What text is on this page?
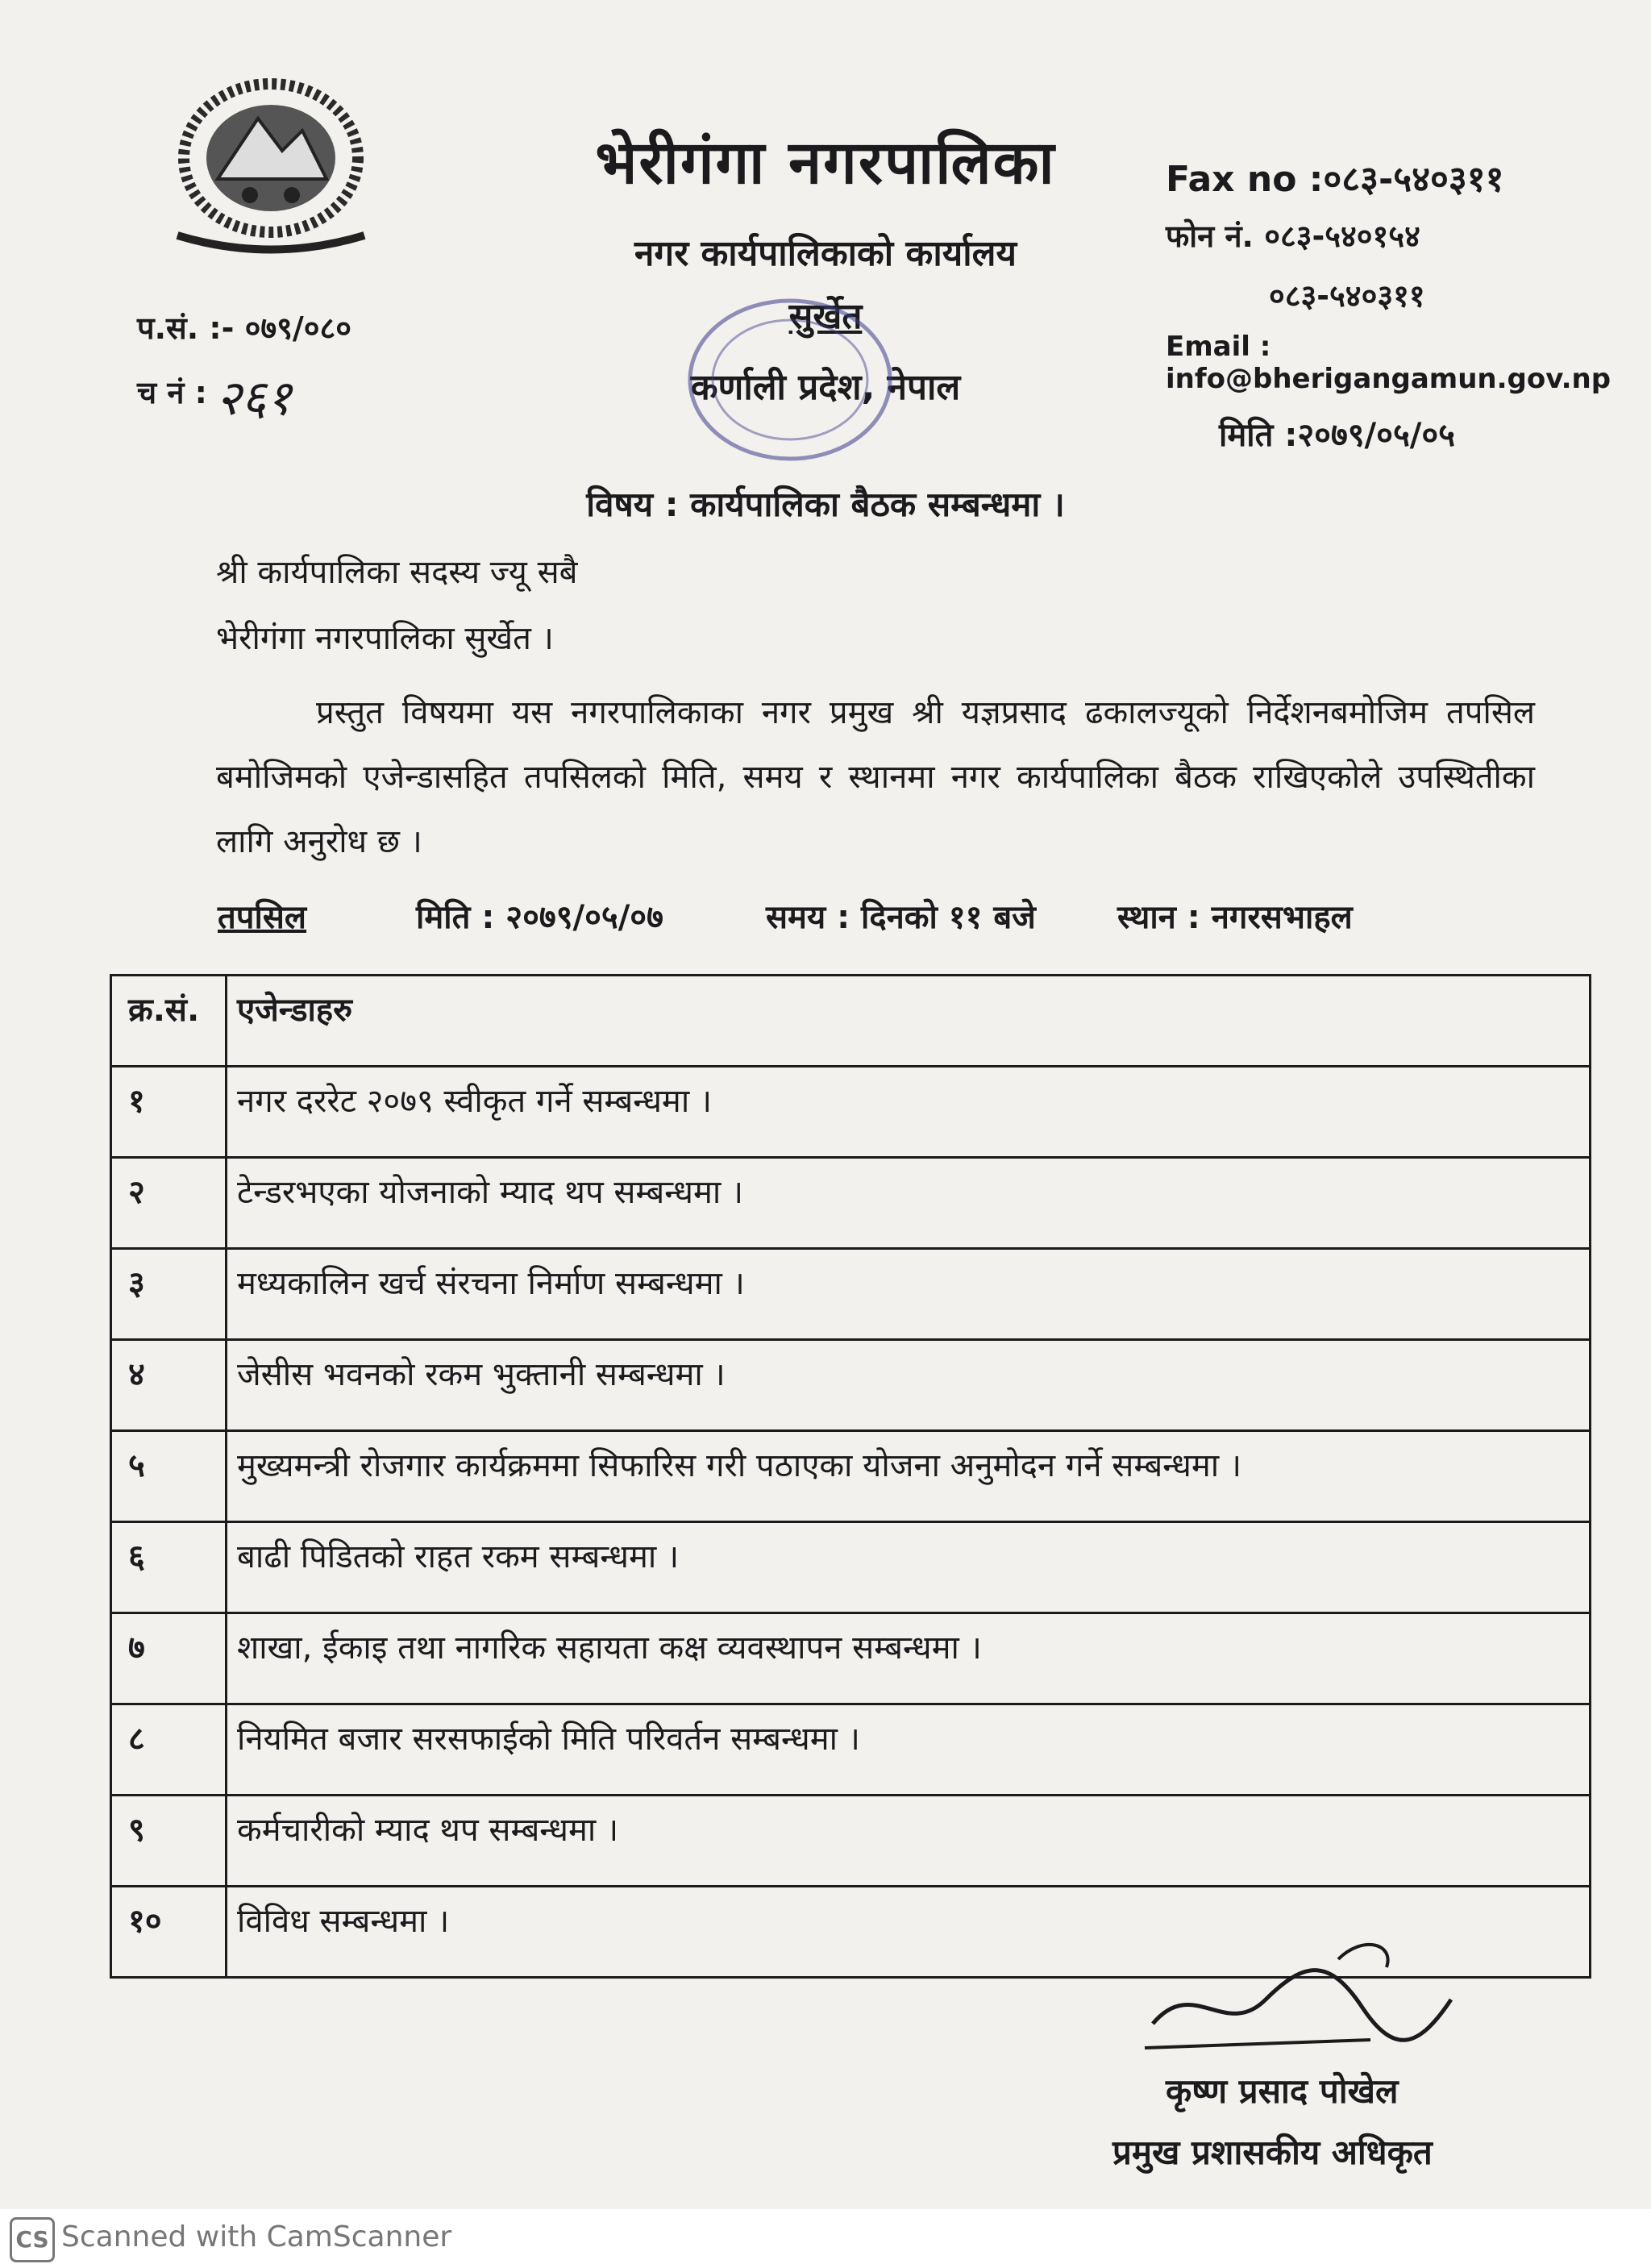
भेरीगंगा नगरपालिका
नगर कार्यपालिकाको कार्यालय
सुर्खेत
कर्णाली प्रदेश, नेपाल
Fax no :०८३-५४०३११
फोन नं. ०८३-५४०१५४
०८३-५४०३११
Email : info@bherigangamun.gov.np
मिति :२०७९/०५/०५
प.सं. :- ०७९/०८०
च नं : २६१
विषय : कार्यपालिका बैठक सम्बन्धमा ।
श्री कार्यपालिका सदस्य ज्यू सबै
भेरीगंगा नगरपालिका सुर्खेत ।
प्रस्तुत विषयमा यस नगरपालिकाका नगर प्रमुख श्री यज्ञप्रसाद ढकालज्यूको निर्देशनबमोजिम तपसिल बमोजिमको एजेन्डासहित तपसिलको मिति, समय र स्थानमा नगर कार्यपालिका बैठक राखिएकोले उपस्थितीका लागि अनुरोध छ ।
तपसिल	मिति : २०७९/०५/०७	समय : दिनको ११ बजे	स्थान : नगरसभाहल
क्र.सं.	एजेन्डाहरु
१	नगर दररेट २०७९ स्वीकृत गर्ने सम्बन्धमा ।
२	टेन्डरभएका योजनाको म्याद थप सम्बन्धमा ।
३	मध्यकालिन खर्च संरचना निर्माण सम्बन्धमा ।
४	जेसीस भवनको रकम भुक्तानी सम्बन्धमा ।
५	मुख्यमन्त्री रोजगार कार्यक्रममा सिफारिस गरी पठाएका योजना अनुमोदन गर्ने सम्बन्धमा ।
६	बाढी पिडितको राहत रकम सम्बन्धमा ।
७	शाखा, ईकाइ तथा नागरिक सहायता कक्ष व्यवस्थापन सम्बन्धमा ।
८	नियमित बजार सरसफाईको मिति परिवर्तन सम्बन्धमा ।
९	कर्मचारीको म्याद थप सम्बन्धमा ।
१०	विविध सम्बन्धमा ।
कृष्ण प्रसाद पोखेल
प्रमुख प्रशासकीय अधिकृत
CS Scanned with CamScanner
